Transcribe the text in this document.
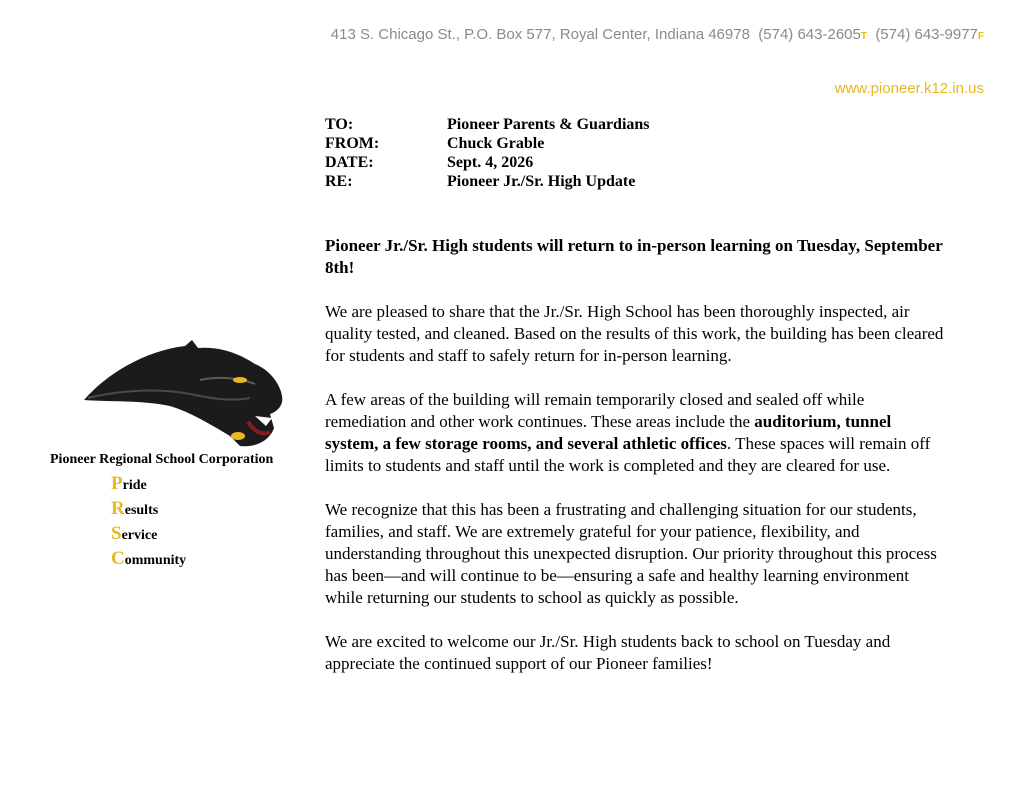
413 S. Chicago St., P.O. Box 577, Royal Center, Indiana 46978 (574) 643-2605T (574) 643-9977F
www.pioneer.k12.in.us
TO:	Pioneer Parents & Guardians
FROM:	Chuck Grable
DATE:	Sept. 4, 2026
RE:	Pioneer Jr./Sr. High Update

Pioneer Jr./Sr. High students will return to in-person learning on Tuesday, September 8th!

We are pleased to share that the Jr./Sr. High School has been thoroughly inspected, air quality tested, and cleaned. Based on the results of this work, the building has been cleared for students and staff to safely return for in-person learning.

A few areas of the building will remain temporarily closed and sealed off while remediation and other work continues. These areas include the auditorium, tunnel system, a few storage rooms, and several athletic offices. These spaces will remain off limits to students and staff until the work is completed and they are cleared for use.

We recognize that this has been a frustrating and challenging situation for our students, families, and staff. We are extremely grateful for your patience, flexibility, and understanding throughout this unexpected disruption. Our priority throughout this process has been—and will continue to be—ensuring a safe and healthy learning environment while returning our students to school as quickly as possible.

We are excited to welcome our Jr./Sr. High students back to school on Tuesday and appreciate the continued support of our Pioneer families!

Pioneer Regional School Corporation
Pride
Results
Service
Community
